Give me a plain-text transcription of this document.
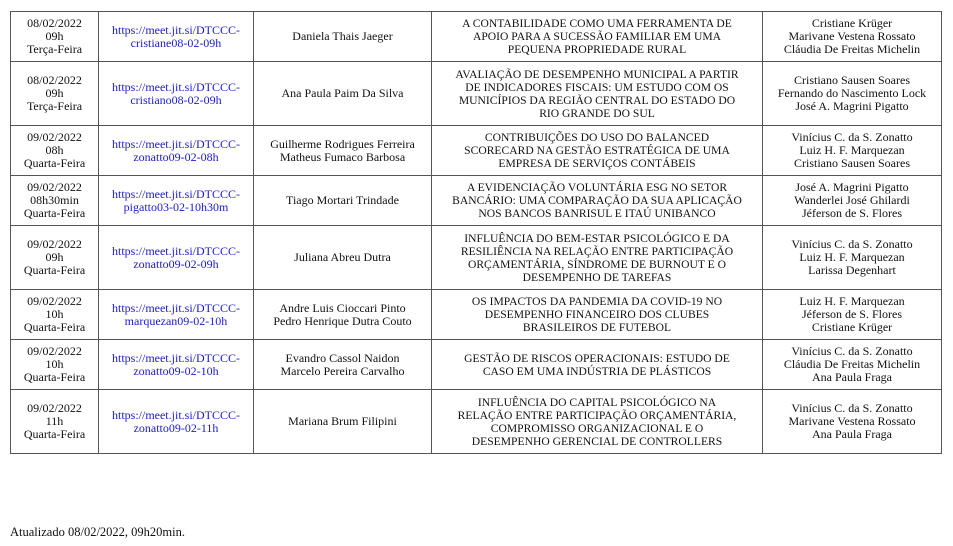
08/02/2022
09h
Terça-Feira	https://meet.jit.si/DTCCC-
cristiane08-02-09h	Daniela Thais Jaeger	A CONTABILIDADE COMO UMA FERRAMENTA DE
APOIO PARA A SUCESSÃO FAMILIAR EM UMA
PEQUENA PROPRIEDADE RURAL	Cristiane Krüger
Marivane Vestena Rossato
Cláudia De Freitas Michelin

08/02/2022
09h
Terça-Feira	https://meet.jit.si/DTCCC-
cristiano08-02-09h	Ana Paula Paim Da Silva	AVALIAÇÃO DE DESEMPENHO MUNICIPAL A PARTIR
DE INDICADORES FISCAIS: UM ESTUDO COM OS
MUNICÍPIOS DA REGIÃO CENTRAL DO ESTADO DO
RIO GRANDE DO SUL	Cristiano Sausen Soares
Fernando do Nascimento Lock
José A. Magrini Pigatto

09/02/2022
08h
Quarta-Feira	https://meet.jit.si/DTCCC-
zonatto09-02-08h	Guilherme Rodrigues Ferreira
Matheus Fumaco Barbosa	CONTRIBUIÇÕES DO USO DO BALANCED
SCORECARD NA GESTÃO ESTRATÉGICA DE UMA
EMPRESA DE SERVIÇOS CONTÁBEIS	Vinícius C. da S. Zonatto
Luiz H. F. Marquezan
Cristiano Sausen Soares

09/02/2022
08h30min
Quarta-Feira	https://meet.jit.si/DTCCC-
pigatto03-02-10h30m	Tiago Mortari Trindade	A EVIDENCIAÇÃO VOLUNTÁRIA ESG NO SETOR
BANCÁRIO: UMA COMPARAÇÃO DA SUA APLICAÇÃO
NOS BANCOS BANRISUL E ITAÚ UNIBANCO	José A. Magrini Pigatto
Wanderlei José Ghilardi
Jéferson de S. Flores

09/02/2022
09h
Quarta-Feira	https://meet.jit.si/DTCCC-
zonatto09-02-09h	Juliana Abreu Dutra	INFLUÊNCIA DO BEM-ESTAR PSICOLÓGICO E DA
RESILIÊNCIA NA RELAÇÃO ENTRE PARTICIPAÇÃO
ORÇAMENTÁRIA, SÍNDROME DE BURNOUT E O
DESEMPENHO DE TAREFAS	Vinícius C. da S. Zonatto
Luiz H. F. Marquezan
Larissa Degenhart

09/02/2022
10h
Quarta-Feira	https://meet.jit.si/DTCCC-
marquezan09-02-10h	Andre Luis Cioccari Pinto
Pedro Henrique Dutra Couto	OS IMPACTOS DA PANDEMIA DA COVID-19 NO
DESEMPENHO FINANCEIRO DOS CLUBES
BRASILEIROS DE FUTEBOL	Luiz H. F. Marquezan
Jéferson de S. Flores
Cristiane Krüger

09/02/2022
10h
Quarta-Feira	https://meet.jit.si/DTCCC-
zonatto09-02-10h	Evandro Cassol Naidon
Marcelo Pereira Carvalho	GESTÃO DE RISCOS OPERACIONAIS: ESTUDO DE
CASO EM UMA INDÚSTRIA DE PLÁSTICOS	Vinícius C. da S. Zonatto
Cláudia De Freitas Michelin
Ana Paula Fraga

09/02/2022
11h
Quarta-Feira	https://meet.jit.si/DTCCC-
zonatto09-02-11h	Mariana Brum Filipini	INFLUÊNCIA DO CAPITAL PSICOLÓGICO NA
RELAÇÃO ENTRE PARTICIPAÇÃO ORÇAMENTÁRIA,
COMPROMISSO ORGANIZACIONAL E O
DESEMPENHO GERENCIAL DE CONTROLLERS	Vinícius C. da S. Zonatto
Marivane Vestena Rossato
Ana Paula Fraga
Atualizado 08/02/2022, 09h20min.
